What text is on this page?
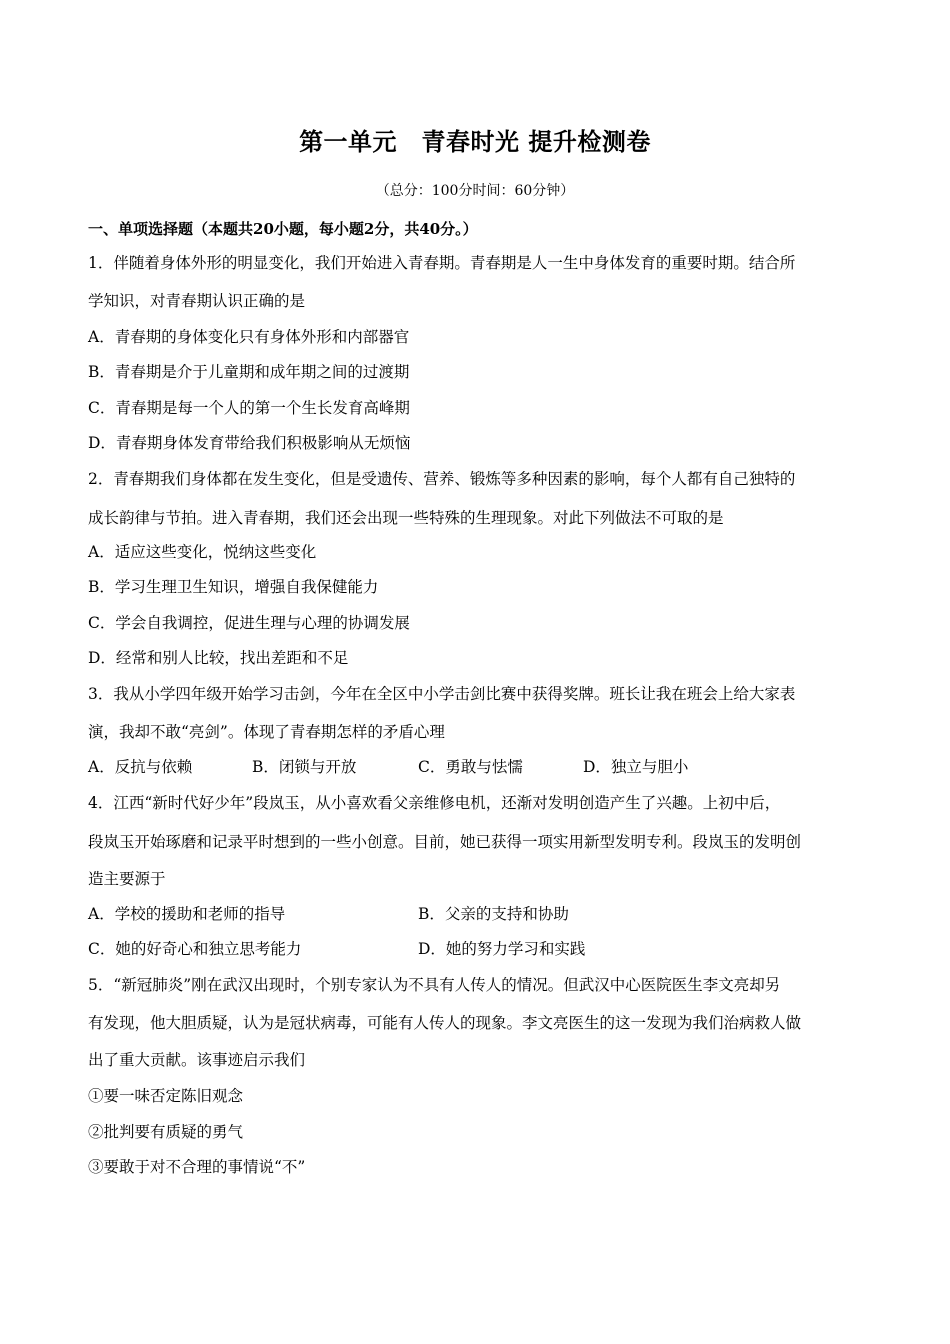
第一单元　青春时光 提升检测卷
（总分：100分时间：60分钟）
一、单项选择题（本题共20小题，每小题2分，共40分。）
1．伴随着身体外形的明显变化，我们开始进入青春期。青春期是人一生中身体发育的重要时期。结合所
学知识，对青春期认识正确的是
A．青春期的身体变化只有身体外形和内部器官
B．青春期是介于儿童期和成年期之间的过渡期
C．青春期是每一个人的第一个生长发育高峰期
D．青春期身体发育带给我们积极影响从无烦恼
2．青春期我们身体都在发生变化，但是受遗传、营养、锻炼等多种因素的影响，每个人都有自己独特的
成长韵律与节拍。进入青春期，我们还会出现一些特殊的生理现象。对此下列做法不可取的是
A．适应这些变化，悦纳这些变化
B．学习生理卫生知识，增强自我保健能力
C．学会自我调控，促进生理与心理的协调发展
D．经常和别人比较，找出差距和不足
3．我从小学四年级开始学习击剑，今年在全区中小学击剑比赛中获得奖牌。班长让我在班会上给大家表
演，我却不敢“亮剑”。体现了青春期怎样的矛盾心理
A．反抗与依赖	B．闭锁与开放	C．勇敢与怯懦	D．独立与胆小
4．江西“新时代好少年”段岚玉，从小喜欢看父亲维修电机，还渐对发明创造产生了兴趣。上初中后，
段岚玉开始琢磨和记录平时想到的一些小创意。目前，她已获得一项实用新型发明专利。段岚玉的发明创
造主要源于
A．学校的援助和老师的指导	B．父亲的支持和协助
C．她的好奇心和独立思考能力	D．她的努力学习和实践
5．“新冠肺炎”刚在武汉出现时，个别专家认为不具有人传人的情况。但武汉中心医院医生李文亮却另
有发现，他大胆质疑，认为是冠状病毒，可能有人传人的现象。李文亮医生的这一发现为我们治病救人做
出了重大贡献。该事迹启示我们
①要一味否定陈旧观念
②批判要有质疑的勇气
③要敢于对不合理的事情说“不”
